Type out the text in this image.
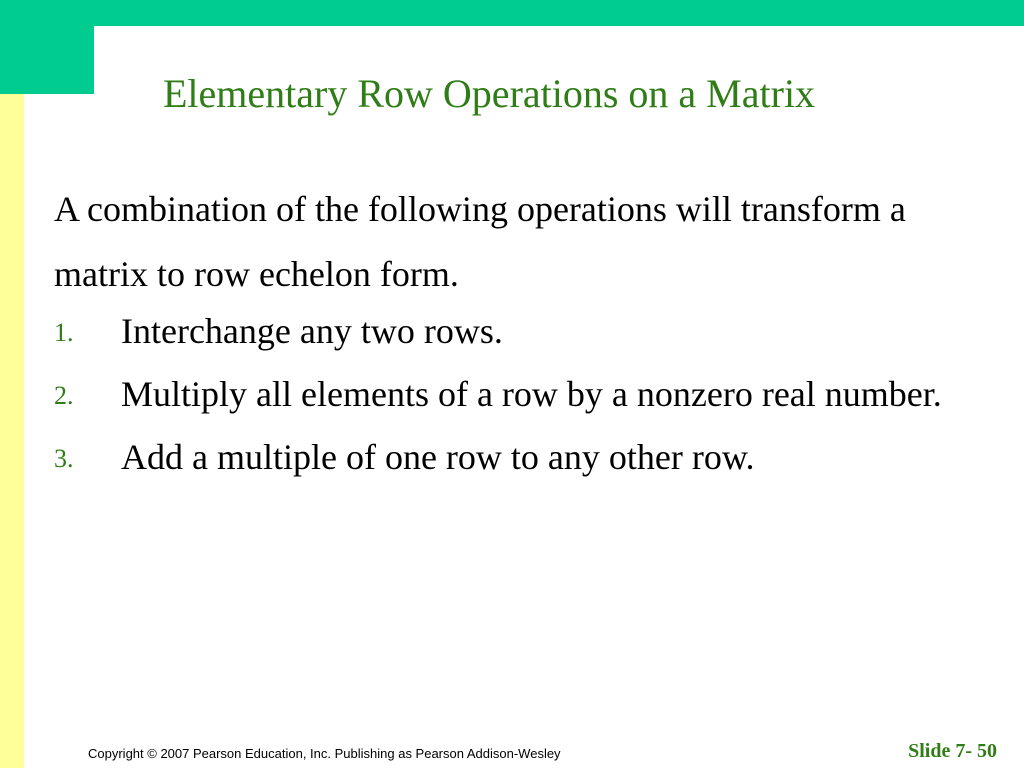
Elementary Row Operations on a Matrix

A combination of the following operations will transform a matrix to row echelon form.

1. Interchange any two rows.
2. Multiply all elements of a row by a nonzero real number.
3. Add a multiple of one row to any other row.
Copyright © 2007 Pearson Education, Inc. Publishing as Pearson Addison-Wesley	Slide 7- 50
